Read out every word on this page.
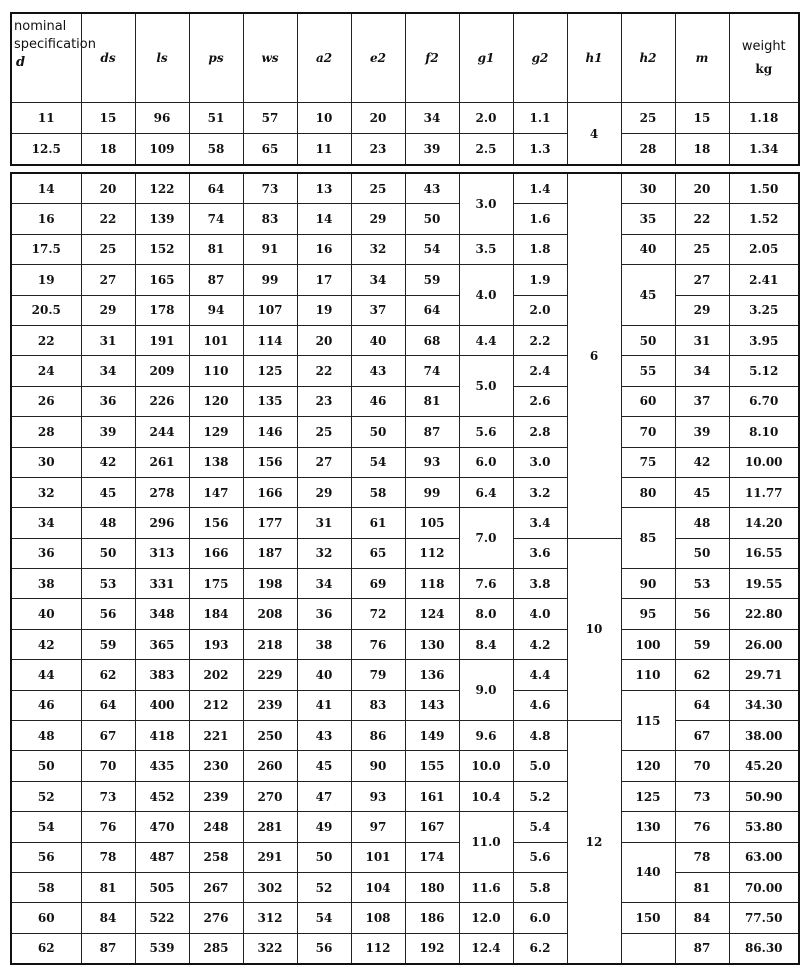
nominal
specification
d	ds	ls	ps	ws	a2	e2	f2	g1	g2	h1	h2	m	weight
kg

11	15	96	51	57	10	20	34	2.0	1.1	4	25	15	1.18
12.5	18	109	58	65	11	23	39	2.5	1.3		28	18	1.34
14	20	122	64	73	13	25	43	3.0	1.4	6	30	20	1.50
16	22	139	74	83	14	29	50		1.6		35	22	1.52
17.5	25	152	81	91	16	32	54	3.5	1.8		40	25	2.05
19	27	165	87	99	17	34	59	4.0	1.9		45	27	2.41
20.5	29	178	94	107	19	37	64		2.0			29	3.25
22	31	191	101	114	20	40	68	4.4	2.2		50	31	3.95
24	34	209	110	125	22	43	74	5.0	2.4		55	34	5.12
26	36	226	120	135	23	46	81		2.6		60	37	6.70
28	39	244	129	146	25	50	87	5.6	2.8		70	39	8.10
30	42	261	138	156	27	54	93	6.0	3.0		75	42	10.00
32	45	278	147	166	29	58	99	6.4	3.2		80	45	11.77
34	48	296	156	177	31	61	105	7.0	3.4		85	48	14.20
36	50	313	166	187	32	65	112		3.6	10		50	16.55
38	53	331	175	198	34	69	118	7.6	3.8		90	53	19.55
40	56	348	184	208	36	72	124	8.0	4.0		95	56	22.80
42	59	365	193	218	38	76	130	8.4	4.2		100	59	26.00
44	62	383	202	229	40	79	136	9.0	4.4		110	62	29.71
46	64	400	212	239	41	83	143		4.6		115	64	34.30
48	67	418	221	250	43	86	149	9.6	4.8	12		67	38.00
50	70	435	230	260	45	90	155	10.0	5.0		120	70	45.20
52	73	452	239	270	47	93	161	10.4	5.2		125	73	50.90
54	76	470	248	281	49	97	167	11.0	5.4		130	76	53.80
56	78	487	258	291	50	101	174		5.6		140	78	63.00
58	81	505	267	302	52	104	180	11.6	5.8			81	70.00
60	84	522	276	312	54	108	186	12.0	6.0		150	84	77.50
62	87	539	285	322	56	112	192	12.4	6.2			87	86.30
